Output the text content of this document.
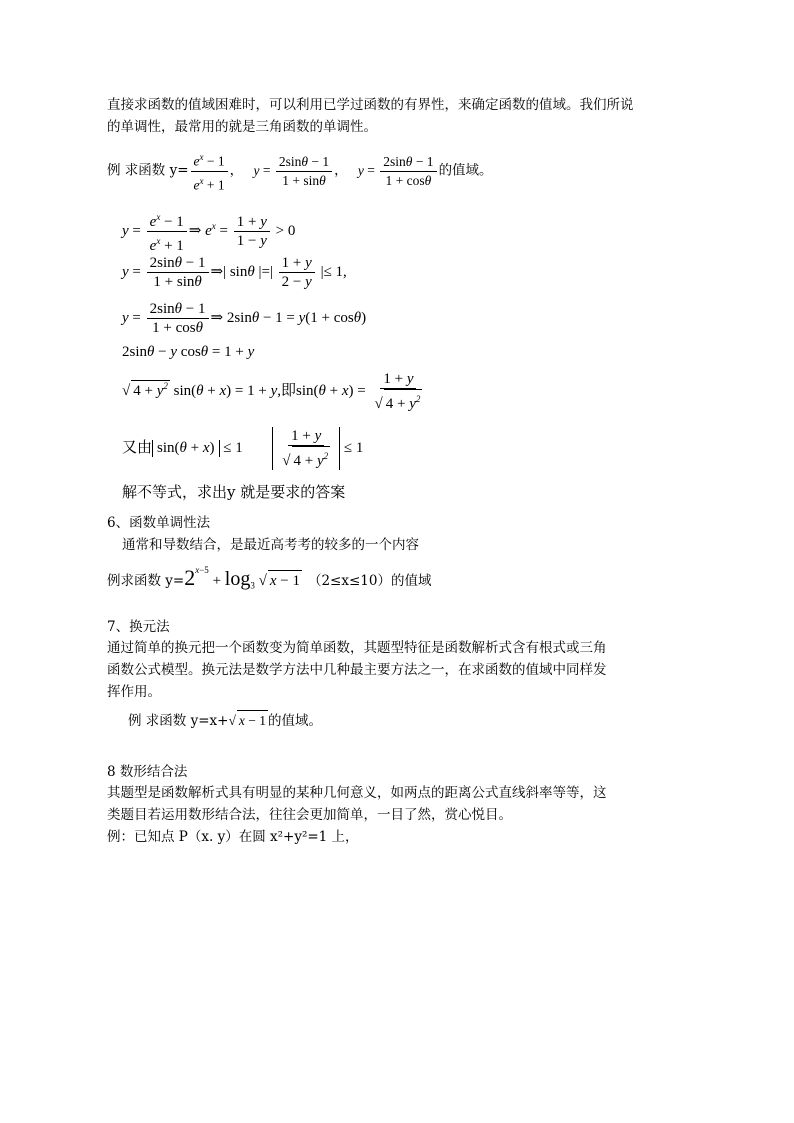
直接求函数的值域困难时，可以利用已学过函数的有界性，来确定函数的值域。我们所说
的单调性，最常用的就是三角函数的单调性。
例 求函数 $y= \frac{e^x - 1}{e^x + 1}$ ， $y = \frac{2\sin\theta - 1}{1 + \sin\theta}$ ， $y = \frac{2\sin\theta - 1}{1 + \cos\theta}$ 的值域。
$y = \frac{e^x - 1}{e^x + 1}$ ⇒ $e^x = \frac{1 + y}{1 - y} > 0$
$y = \frac{2\sin\theta - 1}{1 + \sin\theta}$ ⇒| sinθ |=| $\frac{1 + y}{2 - y}$ |≤ 1,
$y = \frac{2\sin\theta - 1}{1 + \cos\theta}$ ⇒ 2sinθ − 1 = y(1 + cosθ)
2sinθ − y cosθ = 1 + y
√ $4 + y^2$ sin(θ + x) = 1 + y,即$\sin(\theta + x) = \frac{1 + y}{√ 4 + y^2}$
又由 $\sin(\theta + x) \le 1 \frac{1 + y}{√ 4 + y^2} \le 1$
解不等式，求出y 就是要求的答案
6、函数单调性法
通常和导数结合，是最近高考考的较多的一个内容
例求函数 $y=2^{x-5} + \log_3$ √ x − 1 （2≤x≤10）的值域
7、换元法
通过简单的换元把一个函数变为简单函数，其题型特征是函数解析式含有根式或三角
函数公式模型。换元法是数学方法中几种最主要方法之一，在求函数的值域中同样发
挥作用。
例 求函数 y=x+√ x − 1 的值域。
8 数形结合法
其题型是函数解析式具有明显的某种几何意义，如两点的距离公式直线斜率等等，这
类题目若运用数形结合法，往往会更加简单，一目了然，赏心悦目。
例：已知点 P（x. y）在圆 x²+y²=1 上，
